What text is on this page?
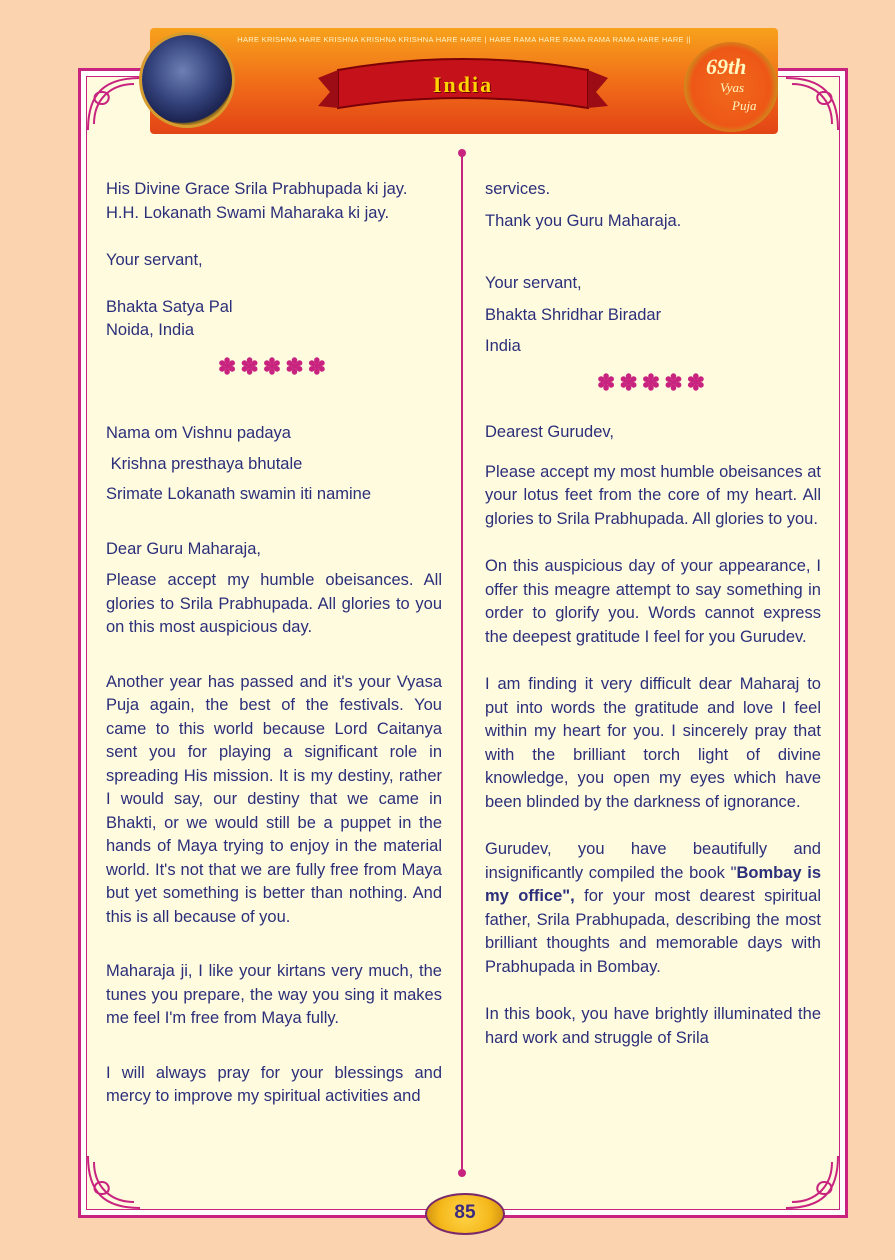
HARE KRISHNA HARE KRISHNA KRISHNA KRISHNA HARE HARE | HARE RAMA HARE RAMA RAMA RAMA HARE HARE ||
India
69th
Vyas
Puja

His Divine Grace Srila Prabhupada ki jay.

H.H. Lokanath Swami Maharaka ki jay.

Your servant,

Bhakta Satya Pal

Noida, India

✽✽✽✽✽

Nama om Vishnu padaya

Krishna presthaya bhutale

Srimate Lokanath swamin iti namine

Dear Guru Maharaja,

Please accept my humble obeisances. All glories to Srila Prabhupada. All glories to you on this most auspicious day.

Another year has passed and it's your Vyasa Puja again, the best of the festivals. You came to this world because Lord Caitanya sent you for playing a significant role in spreading His mission. It is my destiny, rather I would say, our destiny that we came in Bhakti, or we would still be a puppet in the hands of Maya trying to enjoy in the material world. It's not that we are fully free from Maya but yet something is better than nothing. And this is all because of you.

Maharaja ji, I like your kirtans very much, the tunes you prepare, the way you sing it makes me feel I'm free from Maya fully.

I will always pray for your blessings and mercy to improve my spiritual activities and

services.

Thank you Guru Maharaja.

Your servant,

Bhakta Shridhar Biradar

India

✽✽✽✽✽

Dearest Gurudev,

Please accept my most humble obeisances at your lotus feet from the core of my heart. All glories to Srila Prabhupada. All glories to you.

On this auspicious day of your appearance, I offer this meagre attempt to say something in order to glorify you. Words cannot express the deepest gratitude I feel for you Gurudev.

I am finding it very difficult dear Maharaj to put into words the gratitude and love I feel within my heart for you. I sincerely pray that with the brilliant torch light of divine knowledge, you open my eyes which have been blinded by the darkness of ignorance.

Gurudev, you have beautifully and insignificantly compiled the book "Bombay is my office", for your most dearest spiritual father, Srila Prabhupada, describing the most brilliant thoughts and memorable days with Prabhupada in Bombay.

In this book, you have brightly illuminated the hard work and struggle of Srila

85
